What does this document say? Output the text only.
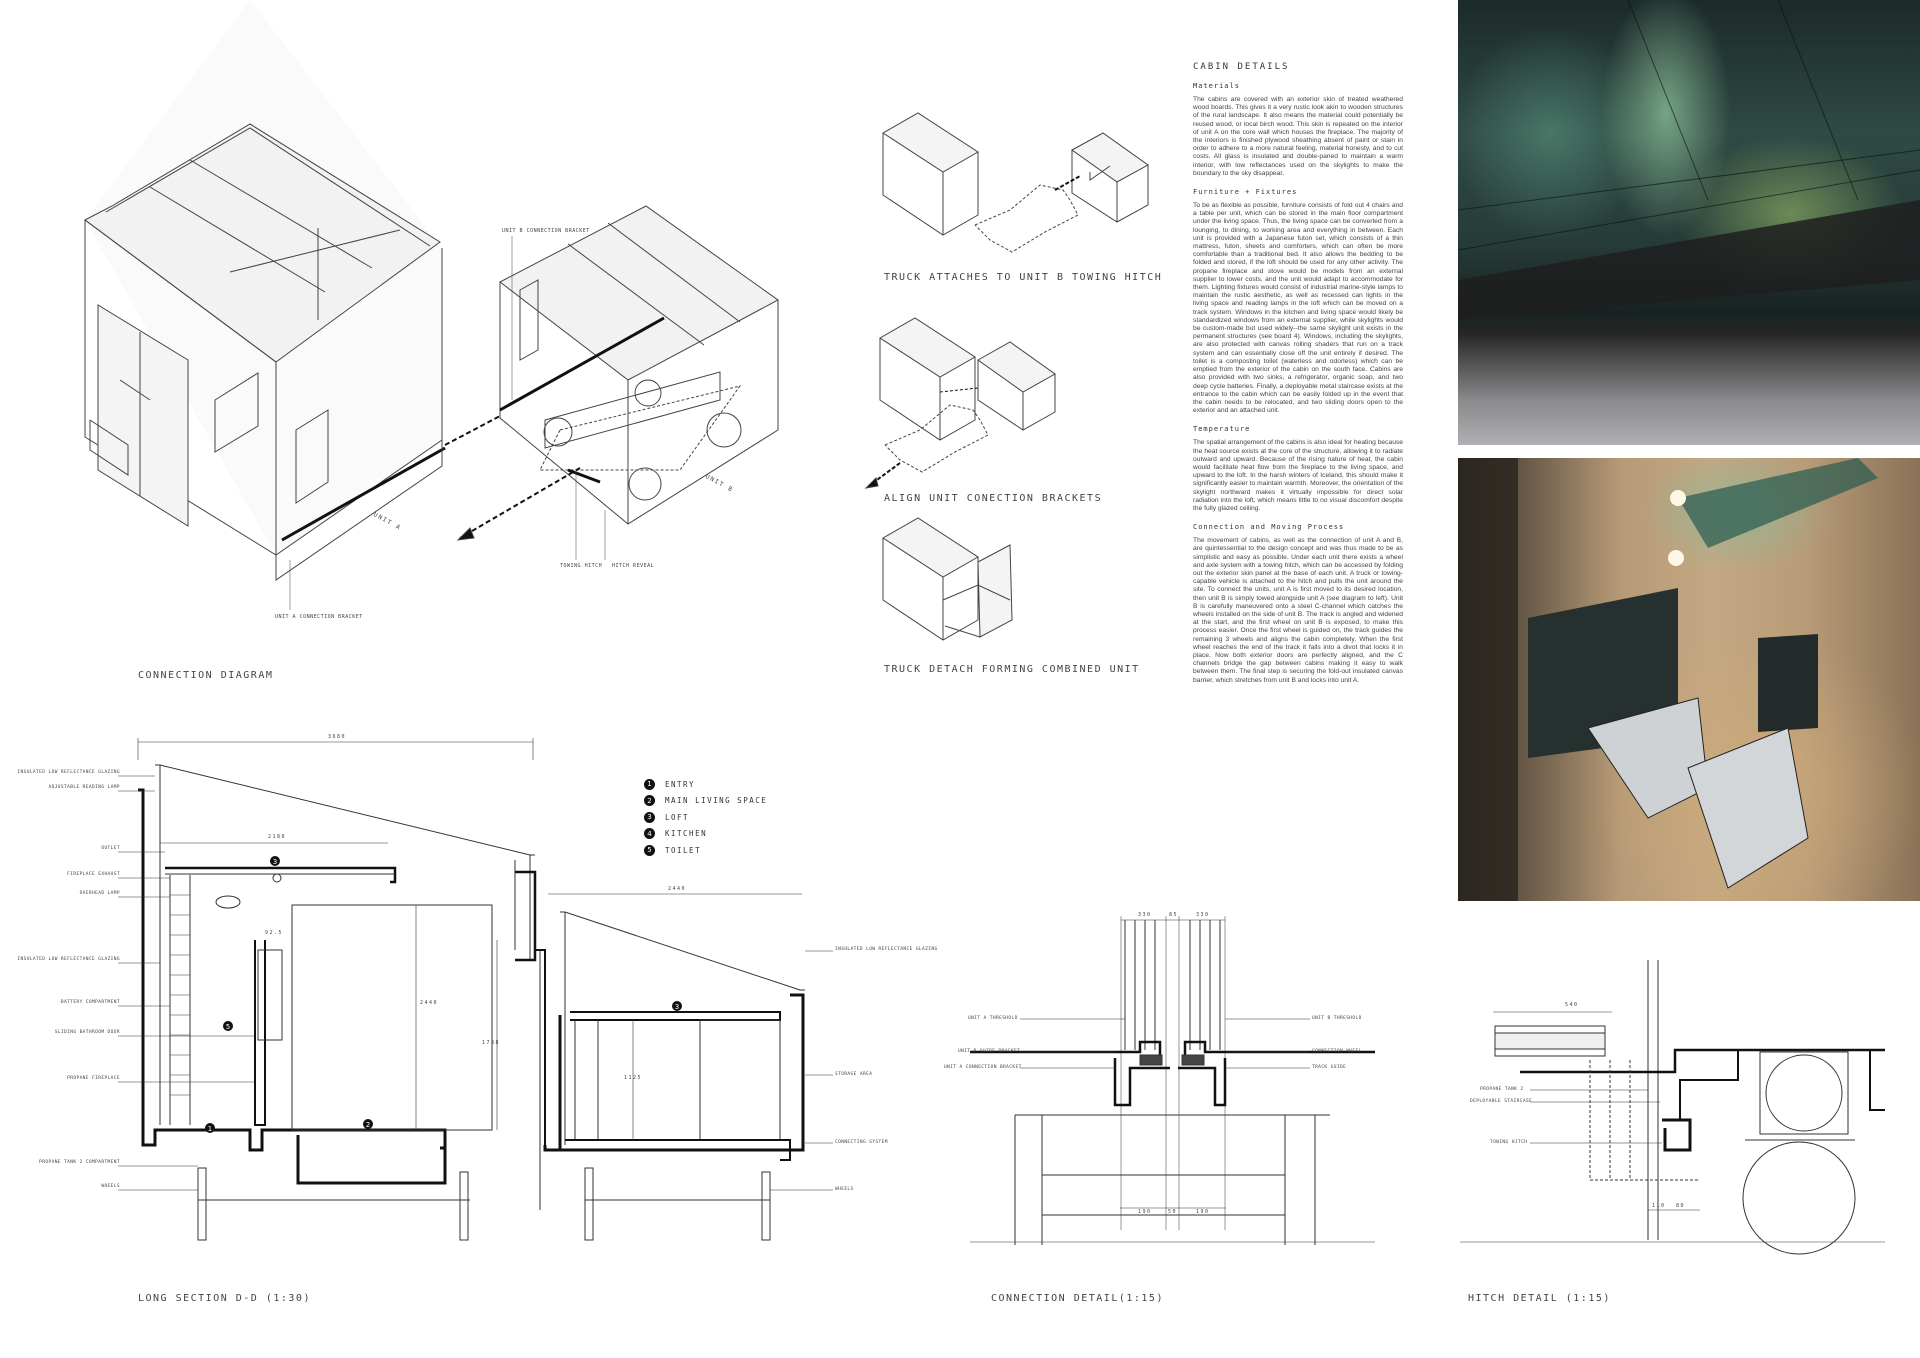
UNIT B CONNECTION BRACKET
UNIT A CONNECTION BRACKET
TOWING HITCH HITCH REVEAL
UNIT A
UNIT B
CONNECTION DIAGRAM
TRUCK ATTACHES TO UNIT B TOWING HITCH
ALIGN UNIT CONECTION BRACKETS
TRUCK DETACH FORMING COMBINED UNIT
CABIN DETAILS
Materials

The cabins are covered with an exterior skin of treated weathered wood boards. This gives it a very rustic look akin to wooden structures of the rural landscape. It also means the material could potentially be reused wood, or local birch wood. This skin is repeated on the interior of unit A on the core wall which houses the fireplace. The majority of the interiors is finished plywood sheathing absent of paint or stain in order to adhere to a more natural feeling, material honesty, and to cut costs. All glass is insulated and double-paned to maintain a warm interior, with low reflectances used on the skylights to make the boundary to the sky disappear.

Furniture + Fixtures

To be as flexible as possible, furniture consists of fold out 4 chairs and a table per unit, which can be stored in the main floor compartment under the living space. Thus, the living space can be converted from a lounging, to dining, to working area and everything in between. Each unit is provided with a Japanese futon set, which consists of a thin mattress, futon, sheets and comforters, which can often be more comfortable than a traditional bed. It also allows the bedding to be folded and stored, if the loft should be used for any other activity. The propane fireplace and stove would be models from an external supplier to lower costs, and the unit would adapt to accommodate for them. Lighting fixtures would consist of industrial marine-style lamps to maintain the rustic aesthetic, as well as recessed can lights in the living space and reading lamps in the loft which can be moved on a track system. Windows in the kitchen and living space would likely be standardized windows from an external supplier, while skylights would be custom-made but used widely--the same skylight unit exists in the permanent structures (see board 4). Windows, including the skylights, are also protected with canvas rolling shaders that run on a track system and can essentially close off the unit entirely if desired. The toilet is a composting toilet (waterless and odorless) which can be emptied from the exterior of the cabin on the south face. Cabins are also provided with two sinks, a refrigerator, organic soap, and two deep cycle batteries. Finally, a deployable metal staircase exists at the entrance to the cabin which can be easily folded up in the event that the cabin needs to be relocated, and two sliding doors open to the exterior and an attached unit.

Temperature

The spatial arrangement of the cabins is also ideal for heating because the heat source exists at the core of the structure, allowing it to radiate outward and upward. Because of the rising nature of heat, the cabin would facilitate heat flow from the fireplace to the living space, and upward to the loft. In the harsh winters of Iceland, this should make it significantly easier to maintain warmth. Moreover, the orientation of the skylight northward makes it virtually impossible for direct solar radiation into the loft, which means little to no visual discomfort despite the fully glazed ceiling.

Connection and Moving Process

The movement of cabins, as well as the connection of unit A and B, are quintessential to the design concept and was thus made to be as simplistic and easy as possible. Under each unit there exists a wheel and axle system with a towing hitch, which can be accessed by folding out the exterior skin panel at the base of each unit. A truck or towing-capable vehicle is attached to the hitch and pulls the unit around the site. To connect the units, unit A is first moved to its desired location, then unit B is simply towed alongside unit A (see diagram to left). Unit B is carefully maneuvered onto a steel C-channel which catches the wheels installed on the side of unit B. The track is angled and widened at the start, and the first wheel on unit B is exposed, to make this process easier. Once the first wheel is guided on, the track guides the remaining 3 wheels and aligns the cabin completely. When the first wheel reaches the end of the track it falls into a divot that locks it in place. Now both exterior doors are perfectly aligned, and the C channels bridge the gap between cabins making it easy to walk between them. The final step is securing the fold-out insulated canvas barrier, which stretches from unit B and locks into unit A.

3
5
1	2
3
3680
2180
2440
2440
1788
1125
92.5
INSULATED LOW REFLECTANCE GLAZING
ADJUSTABLE READING LAMP
OUTLET
FIREPLACE EXHAUST
OVERHEAD LAMP
INSULATED LOW REFLECTANCE GLAZING
BATTERY COMPARTMENT
SLIDING BATHROOM DOOR
PROPANE FIREPLACE
PROPANE TANK 2 COMPARTMENT
WHEELS
INSULATED LOW REFLECTANCE GLAZING
STORAGE AREA
CONNECTING SYSTEM
WHEELS
1	ENTRY
2	MAIN LIVING SPACE
3	LOFT
4	KITCHEN
5	TOILET
LONG SECTION D-D (1:30)
330	85	330
190	50	190
UNIT A THRESHOLD
UNIT B GUIDE BRACKET
UNIT A CONNECTION BRACKET
UNIT B THRESHOLD
CONNECTION WHEEL
TRACK GUIDE
CONNECTION DETAIL(1:15)
540
110 80
PROPANE TANK 2
DEPLOYABLE STAIRCASE
TOWING HITCH
HITCH DETAIL (1:15)
